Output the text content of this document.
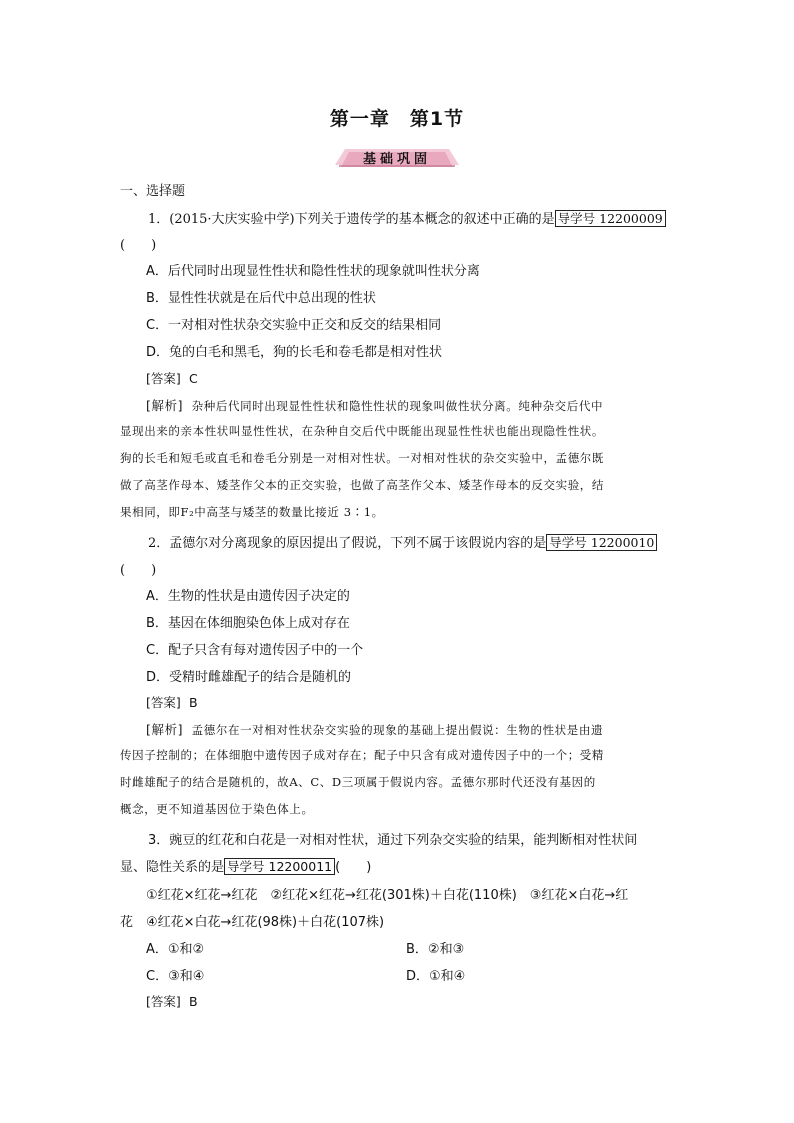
第一章　第1节
基础巩固
一、选择题
1．(2015·大庆实验中学)下列关于遗传学的基本概念的叙述中正确的是 导学号 12200009
(　　)
A．后代同时出现显性性状和隐性性状的现象就叫性状分离
B．显性性状就是在后代中总出现的性状
C．一对相对性状杂交实验中正交和反交的结果相同
D．兔的白毛和黑毛，狗的长毛和卷毛都是相对性状
[答案] C
[解析] 杂种后代同时出现显性性状和隐性性状的现象叫做性状分离。纯种杂交后代中
显现出来的亲本性状叫显性性状，在杂种自交后代中既能出现显性性状也能出现隐性性状。
狗的长毛和短毛或直毛和卷毛分别是一对相对性状。一对相对性状的杂交实验中，孟德尔既
做了高茎作母本、矮茎作父本的正交实验，也做了高茎作父本、矮茎作母本的反交实验，结
果相同，即F₂中高茎与矮茎的数量比接近 3∶1。
2．孟德尔对分离现象的原因提出了假说，下列不属于该假说内容的是 导学号 12200010
(　　)
A．生物的性状是由遗传因子决定的
B．基因在体细胞染色体上成对存在
C．配子只含有每对遗传因子中的一个
D．受精时雌雄配子的结合是随机的
[答案] B
[解析] 孟德尔在一对相对性状杂交实验的现象的基础上提出假说：生物的性状是由遗
传因子控制的；在体细胞中遗传因子成对存在；配子中只含有成对遗传因子中的一个；受精
时雌雄配子的结合是随机的，故A、C、D三项属于假说内容。孟德尔那时代还没有基因的
概念，更不知道基因位于染色体上。
3．豌豆的红花和白花是一对相对性状，通过下列杂交实验的结果，能判断相对性状间
显、隐性关系的是 导学号 12200011 (　　)
①红花×红花→红花　②红花×红花→红花(301株)＋白花(110株)　③红花×白花→红
花　④红花×白花→红花(98株)＋白花(107株)
A．①和②	B．②和③
C．③和④	D．①和④
[答案] B
